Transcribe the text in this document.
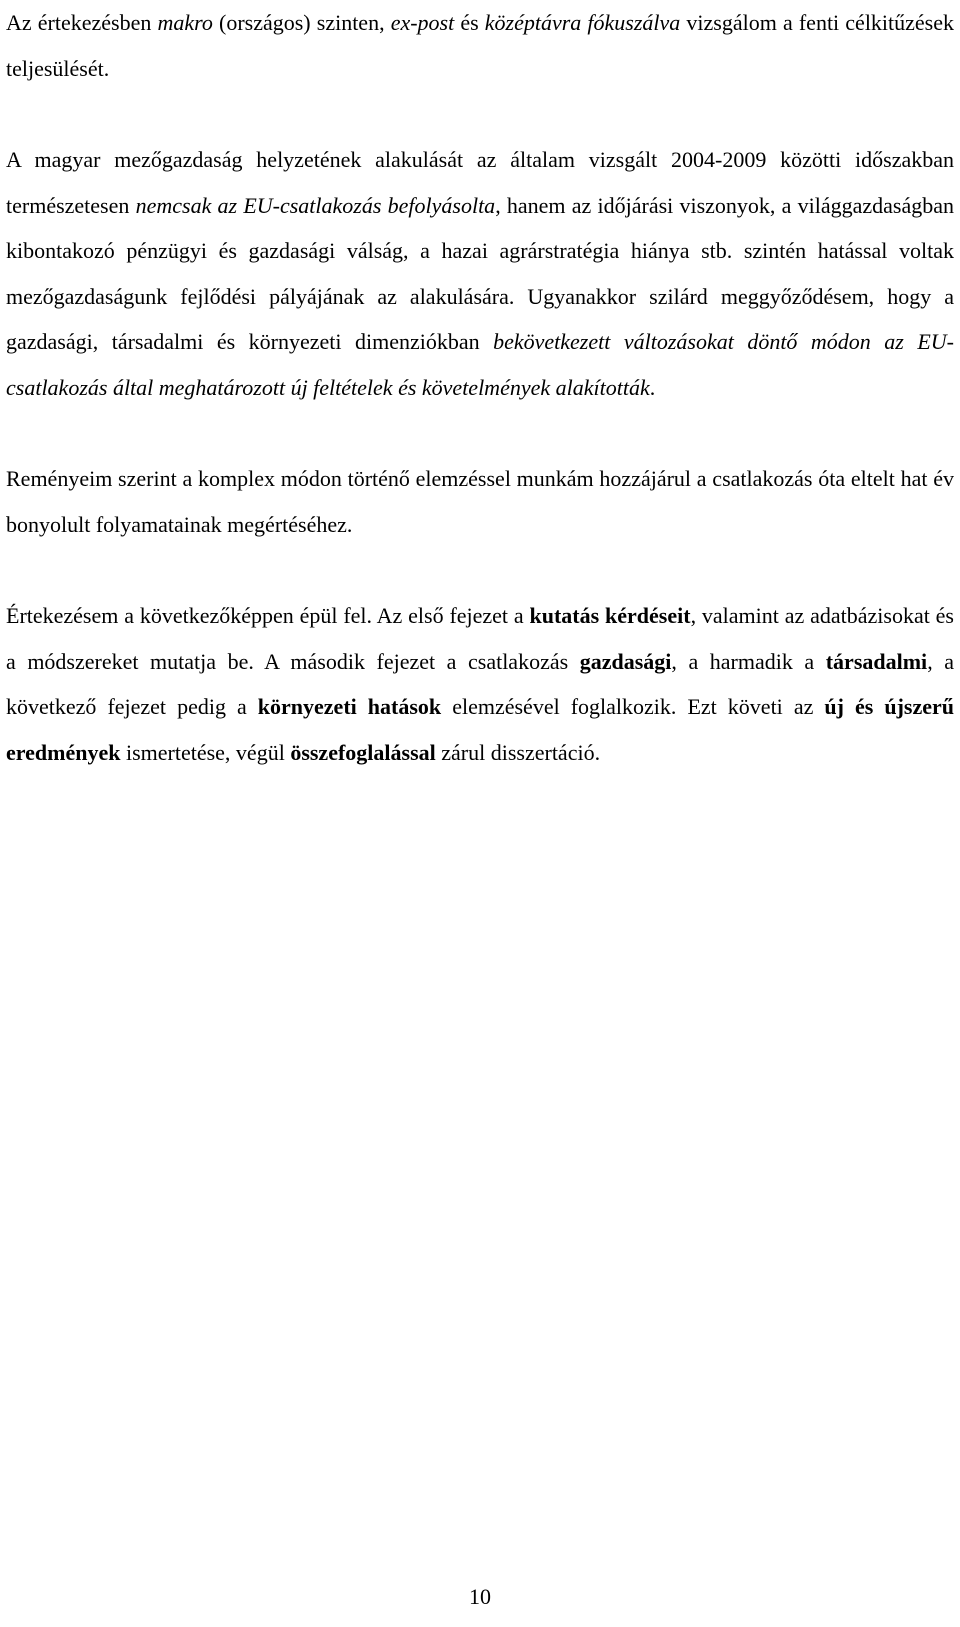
Az értekezésben makro (országos) szinten, ex-post és középtávra fókuszálva vizsgálom a fenti célkitűzések teljesülését.

A magyar mezőgazdaság helyzetének alakulását az általam vizsgált 2004-2009 közötti időszakban természetesen nemcsak az EU-csatlakozás befolyásolta, hanem az időjárási viszonyok, a világgazdaságban kibontakozó pénzügyi és gazdasági válság, a hazai agrárstratégia hiánya stb. szintén hatással voltak mezőgazdaságunk fejlődési pályájának az alakulására. Ugyanakkor szilárd meggyőződésem, hogy a gazdasági, társadalmi és környezeti dimenziókban bekövetkezett változásokat döntő módon az EU-csatlakozás által meghatározott új feltételek és követelmények alakították.

Reményeim szerint a komplex módon történő elemzéssel munkám hozzájárul a csatlakozás óta eltelt hat év bonyolult folyamatainak megértéséhez.

Értekezésem a következőképpen épül fel. Az első fejezet a kutatás kérdéseit, valamint az adatbázisokat és a módszereket mutatja be. A második fejezet a csatlakozás gazdasági, a harmadik a társadalmi, a következő fejezet pedig a környezeti hatások elemzésével foglalkozik. Ezt követi az új és újszerű eredmények ismertetése, végül összefoglalással zárul disszertáció.

10
